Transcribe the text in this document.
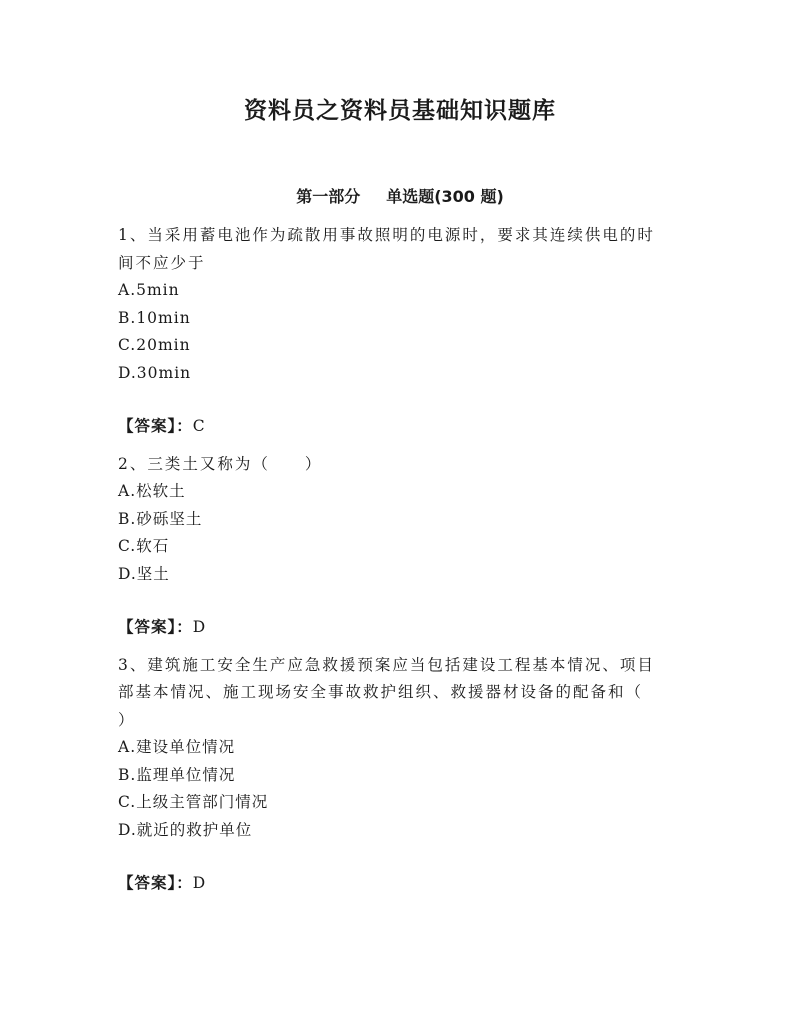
资料员之资料员基础知识题库
第一部分 单选题(300 题)

1、当采用蓄电池作为疏散用事故照明的电源时，要求其连续供电的时

间不应少于

A.5min

B.10min

C.20min

D.30min

【答案】：C

2、三类土又称为（　　）

A.松软土

B.砂砾坚土

C.软石

D.坚土

【答案】：D

3、建筑施工安全生产应急救援预案应当包括建设工程基本情况、项目

部基本情况、施工现场安全事故救护组织、救援器材设备的配备和（

）

A.建设单位情况

B.监理单位情况

C.上级主管部门情况

D.就近的救护单位

【答案】：D
